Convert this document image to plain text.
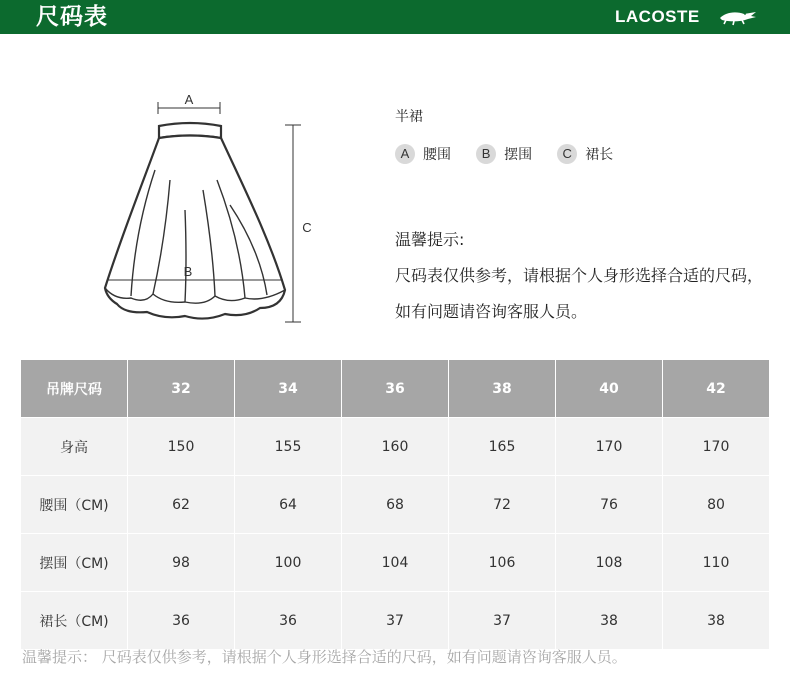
尺码表	LACOSTE
A
B
C
半裙
A 腰围
	B 摆围
	C 裙长
温馨提示:
尺码表仅供参考，请根据个人身形选择合适的尺码，如有问题请咨询客服人员。
吊牌尺码	32	34	36	38	40	42
身高	150	155	160	165	170	170
腰围（CM)	62	64	68	72	76	80
摆围（CM)	98	100	104	106	108	110
裙长（CM)	36	36	37	37	38	38
温馨提示： 尺码表仅供参考，请根据个人身形选择合适的尺码，如有问题请咨询客服人员。
